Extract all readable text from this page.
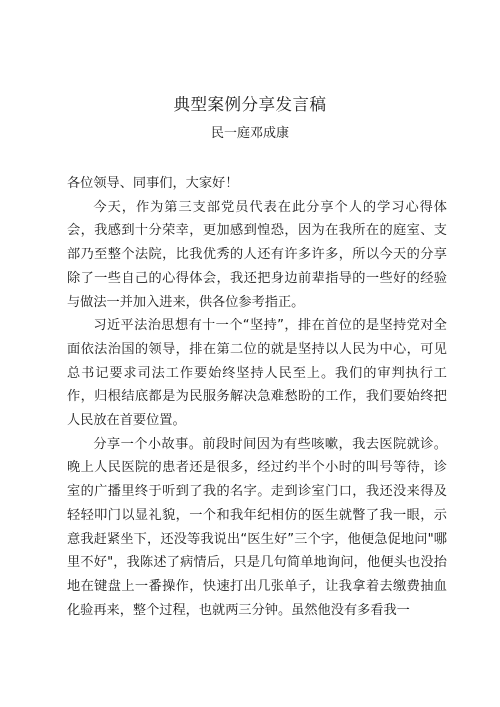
典型案例分享发言稿
民一庭邓成康

各位领导、同事们，大家好！

今天，作为第三支部党员代表在此分享个人的学习心得体会，我感到十分荣幸，更加感到惶恐，因为在我所在的庭室、支部乃至整个法院，比我优秀的人还有许多许多，所以今天的分享除了一些自己的心得体会，我还把身边前辈指导的一些好的经验与做法一并加入进来，供各位参考指正。

习近平法治思想有十一个“坚持”，排在首位的是坚持党对全面依法治国的领导，排在第二位的就是坚持以人民为中心，可见总书记要求司法工作要始终坚持人民至上。我们的审判执行工作，归根结底都是为民服务解决急难愁盼的工作，我们要始终把人民放在首要位置。

分享一个小故事。前段时间因为有些咳嗽，我去医院就诊。晚上人民医院的患者还是很多，经过约半个小时的叫号等待，诊室的广播里终于听到了我的名字。走到诊室门口，我还没来得及轻轻叩门以显礼貌，一个和我年纪相仿的医生就瞥了我一眼，示意我赶紧坐下，还没等我说出“医生好”三个字，他便急促地问"哪里不好"，我陈述了病情后，只是几句简单地询问，他便头也没抬地在键盘上一番操作，快速打出几张单子，让我拿着去缴费抽血化验再来，整个过程，也就两三分钟。虽然他没有多看我一
